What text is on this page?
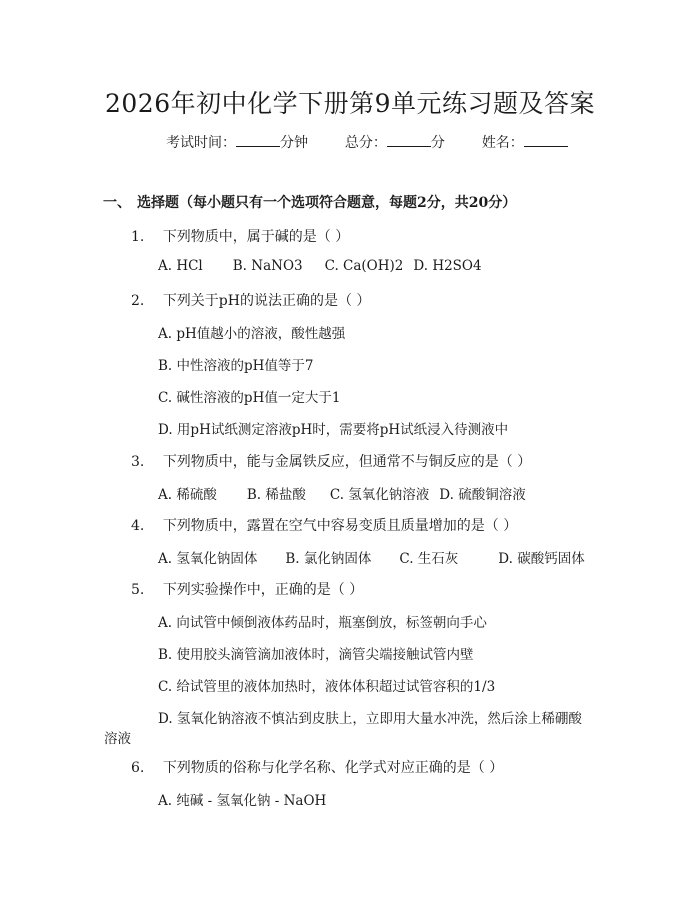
2026年初中化学下册第9单元练习题及答案
考试时间：	分钟	总分：	分	姓名：
一、 选择题（每小题只有一个选项符合题意，每题2分，共20分）
1. 下列物质中，属于碱的是（ ）
A. HCl B. NaNO3 C. Ca(OH)2 D. H2SO4
2. 下列关于pH的说法正确的是（ ）
A. pH值越小的溶液，酸性越强
B. 中性溶液的pH值等于7
C. 碱性溶液的pH值一定大于1
D. 用pH试纸测定溶液pH时，需要将pH试纸浸入待测液中
3. 下列物质中，能与金属铁反应，但通常不与铜反应的是（ ）
A. 稀硫酸 B. 稀盐酸 C. 氢氧化钠溶液 D. 硫酸铜溶液
4. 下列物质中，露置在空气中容易变质且质量增加的是（ ）
A. 氢氧化钠固体 B. 氯化钠固体 C. 生石灰	D. 碳酸钙固体
5. 下列实验操作中，正确的是（ ）
A. 向试管中倾倒液体药品时，瓶塞倒放，标签朝向手心
B. 使用胶头滴管滴加液体时，滴管尖端接触试管内壁
C. 给试管里的液体加热时，液体体积超过试管容积的1/3
D. 氢氧化钠溶液不慎沾到皮肤上，立即用大量水冲洗，然后涂上稀硼酸
溶液
6. 下列物质的俗称与化学名称、化学式对应正确的是（ ）
A. 纯碱 - 氢氧化钠 - NaOH
